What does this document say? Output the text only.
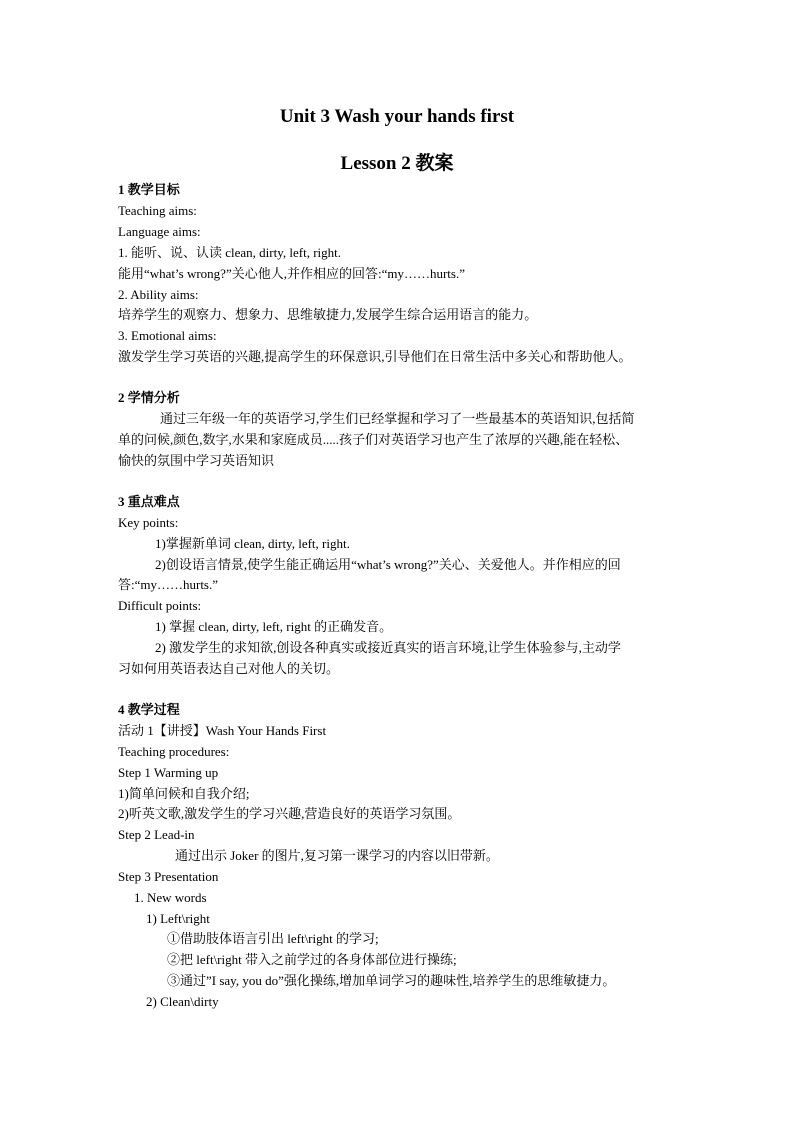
Unit 3 Wash your hands first
Lesson 2 教案
1 教学目标
Teaching aims:
Language aims:
1. 能听、说、认读 clean, dirty, left, right.
能用“what’s wrong?”关心他人,并作相应的回答:“my……hurts.”
2. Ability aims:
培养学生的观察力、想象力、思维敏捷力,发展学生综合运用语言的能力。
3. Emotional aims:
激发学生学习英语的兴趣,提高学生的环保意识,引导他们在日常生活中多关心和帮助他人。
2 学情分析
通过三年级一年的英语学习,学生们已经掌握和学习了一些最基本的英语知识,包括简
单的问候,颜色,数字,水果和家庭成员.....孩子们对英语学习也产生了浓厚的兴趣,能在轻松、
愉快的氛围中学习英语知识
3 重点难点
Key points:
1)掌握新单词 clean, dirty, left, right.
2)创设语言情景,使学生能正确运用“what’s wrong?”关心、关爱他人。并作相应的回
答:“my……hurts.”
Difficult points:
1) 掌握 clean, dirty, left, right 的正确发音。
2) 激发学生的求知欲,创设各种真实或接近真实的语言环境,让学生体验参与,主动学
习如何用英语表达自己对他人的关切。
4 教学过程
活动 1【讲授】Wash Your Hands First
Teaching procedures:
Step 1 Warming up
1)简单问候和自我介绍;
2)听英文歌,激发学生的学习兴趣,营造良好的英语学习氛围。
Step 2 Lead-in
通过出示 Joker 的图片,复习第一课学习的内容以旧带新。
Step 3 Presentation
1. New words
1) Left\right
①借助肢体语言引出 left\right 的学习;
②把 left\right 带入之前学过的各身体部位进行操练;
③通过”I say, you do”强化操练,增加单词学习的趣味性,培养学生的思维敏捷力。
2) Clean\dirty
